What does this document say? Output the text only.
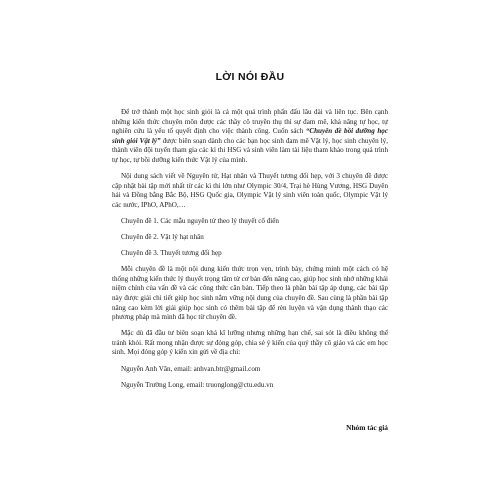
LỜI NÓI ĐẦU

Để trở thành một học sinh giỏi là cả một quá trình phấn đấu lâu dài và liên tục. Bên cạnh những kiến thức chuyên môn được các thầy cô truyền thụ thì sự đam mê, khả năng tự học, tự nghiên cứu là yếu tố quyết định cho việc thành công. Cuốn sách “Chuyên đề bồi dưỡng học sinh giỏi Vật lý” được biên soạn dành cho các bạn học sinh đam mê Vật lý, học sinh chuyên lý, thành viên đội tuyển tham gia các kì thi HSG và sinh viên làm tài liệu tham khảo trong quá trình tự học, tự bồi dưỡng kiến thức Vật lý của mình.

Nội dung sách viết về Nguyên tử, Hạt nhân và Thuyết tương đối hẹp, với 3 chuyên đề được cập nhật bài tập mới nhất từ các kì thi lớn như Olympic 30/4, Trại hè Hùng Vương, HSG Duyên hải và Đồng bằng Bắc Bộ, HSG Quốc gia, Olympic Vật lý sinh viên toàn quốc, Olympic Vật lý các nước, IPhO, APhO,…

Chuyên đề 1. Các mẫu nguyên tử theo lý thuyết cổ điển

Chuyên đề 2. Vật lý hạt nhân

Chuyên đề 3. Thuyết tương đối hẹp

Mỗi chuyên đề là một nội dung kiến thức trọn vẹn, trình bày, chứng minh một cách có hệ thống những kiến thức lý thuyết trọng tâm từ cơ bản đến nâng cao, giúp học sinh nhớ những khái niệm chính của vấn đề và các công thức căn bản. Tiếp theo là phần bài tập áp dụng, các bài tập này được giải chi tiết giúp học sinh nắm vững nội dung của chuyên đề. Sau cùng là phần bài tập nâng cao kèm lời giải giúp học sinh có thêm bài tập để rèn luyện và vận dụng thành thạo các phương pháp mà mình đã học từ chuyên đề.

Mặc dù đã đầu tư biên soạn khá kĩ lưỡng nhưng những hạn chế, sai sót là điều không thể tránh khỏi. Rất mong nhận được sự đóng góp, chia sẻ ý kiến của quý thầy cô giáo và các em học sinh. Mọi đóng góp ý kiến xin gửi về địa chỉ:

Nguyễn Anh Văn, email: anhvan.btr@gmail.com

Nguyễn Trường Long, email: truonglong@ctu.edu.vn

Nhóm tác giả
